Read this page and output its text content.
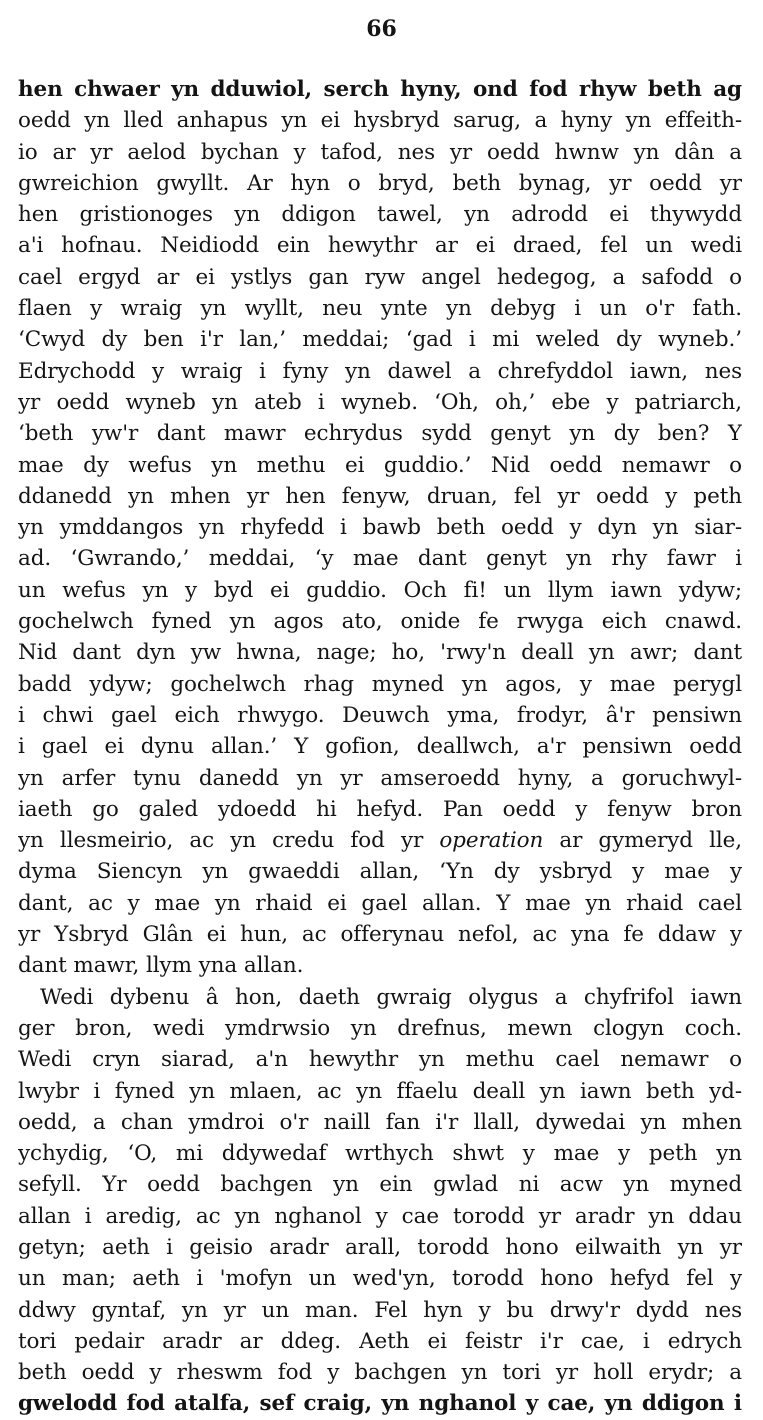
66
hen chwaer yn dduwiol, serch hyny, ond fod rhyw beth ag
oedd yn lled anhapus yn ei hysbryd sarug, a hyny yn effeith-
io ar yr aelod bychan y tafod, nes yr oedd hwnw yn dân a
gwreichion gwyllt. Ar hyn o bryd, beth bynag, yr oedd yr
hen gristionoges yn ddigon tawel, yn adrodd ei thywydd
a'i hofnau. Neidiodd ein hewythr ar ei draed, fel un wedi
cael ergyd ar ei ystlys gan ryw angel hedegog, a safodd o
flaen y wraig yn wyllt, neu ynte yn debyg i un o'r fath.
‘Cwyd dy ben i'r lan,’ meddai; ‘gad i mi weled dy wyneb.’
Edrychodd y wraig i fyny yn dawel a chrefyddol iawn, nes
yr oedd wyneb yn ateb i wyneb. ‘Oh, oh,’ ebe y patriarch,
‘beth yw'r dant mawr echrydus sydd genyt yn dy ben? Y
mae dy wefus yn methu ei guddio.’ Nid oedd nemawr o
ddanedd yn mhen yr hen fenyw, druan, fel yr oedd y peth
yn ymddangos yn rhyfedd i bawb beth oedd y dyn yn siar-
ad. ‘Gwrando,’ meddai, ‘y mae dant genyt yn rhy fawr i
un wefus yn y byd ei guddio. Och fi! un llym iawn ydyw;
gochelwch fyned yn agos ato, onide fe rwyga eich cnawd.
Nid dant dyn yw hwna, nage; ho, 'rwy'n deall yn awr; dant
badd ydyw; gochelwch rhag myned yn agos, y mae perygl
i chwi gael eich rhwygo. Deuwch yma, frodyr, â'r pensiwn
i gael ei dynu allan.’ Y gofion, deallwch, a'r pensiwn oedd
yn arfer tynu danedd yn yr amseroedd hyny, a goruchwyl-
iaeth go galed ydoedd hi hefyd. Pan oedd y fenyw bron
yn llesmeirio, ac yn credu fod yr operation ar gymeryd lle,
dyma Siencyn yn gwaeddi allan, ‘Yn dy ysbryd y mae y
dant, ac y mae yn rhaid ei gael allan. Y mae yn rhaid cael
yr Ysbryd Glân ei hun, ac offerynau nefol, ac yna fe ddaw y
dant mawr, llym yna allan.
Wedi dybenu â hon, daeth gwraig olygus a chyfrifol iawn
ger bron, wedi ymdrwsio yn drefnus, mewn clogyn coch.
Wedi cryn siarad, a'n hewythr yn methu cael nemawr o
lwybr i fyned yn mlaen, ac yn ffaelu deall yn iawn beth yd-
oedd, a chan ymdroi o'r naill fan i'r llall, dywedai yn mhen
ychydig, ‘O, mi ddywedaf wrthych shwt y mae y peth yn
sefyll. Yr oedd bachgen yn ein gwlad ni acw yn myned
allan i aredig, ac yn nghanol y cae torodd yr aradr yn ddau
getyn; aeth i geisio aradr arall, torodd hono eilwaith yn yr
un man; aeth i 'mofyn un wed'yn, torodd hono hefyd fel y
ddwy gyntaf, yn yr un man. Fel hyn y bu drwy'r dydd nes
tori pedair aradr ar ddeg. Aeth ei feistr i'r cae, i edrych
beth oedd y rheswm fod y bachgen yn tori yr holl erydr; a
gwelodd fod atalfa, sef craig, yn nghanol y cae, yn ddigon i
